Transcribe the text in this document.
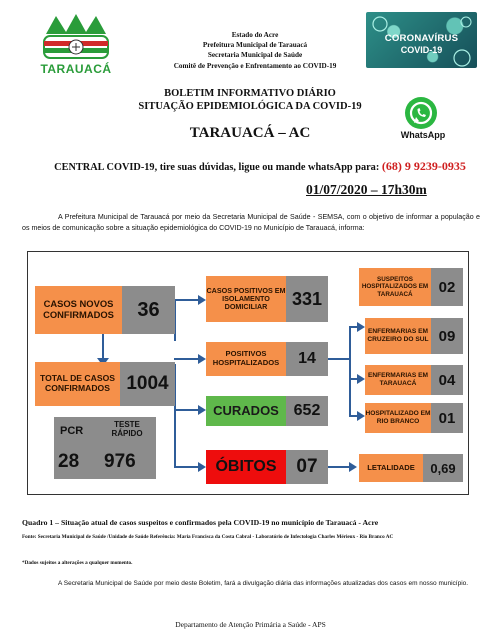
TARAUACÁ
Estado do Acre
Prefeitura Municipal de Tarauacá
Secretaria Municipal de Saúde
Comitê de Prevenção e Enfrentamento ao COVID-19
CORONAVÍRUS
COVID-19
BOLETIM INFORMATIVO DIÁRIO
SITUAÇÃO EPIDEMIOLÓGICA DA COVID-19
WhatsApp
TARAUACÁ – AC
CENTRAL COVID-19, tire suas dúvidas, ligue ou mande whatsApp para: (68) 9 9239-0935
01/07/2020 – 17h30m
A Prefeitura Municipal de Tarauacá por meio da Secretaria Municipal de Saúde - SEMSA, com o objetivo de informar a população e os meios de comunicação sobre a situação epidemiológica do COVID-19 no Município de Tarauacá, informa:
CASOS NOVOS CONFIRMADOS	36
TOTAL DE CASOS CONFIRMADOS 1004
PCR
TESTE RÁPIDO
28 976
CASOS POSITIVOS EM ISOLAMENTO DOMICILIAR	331
POSITIVOS HOSPITALIZADOS	14
CURADOS 652
ÓBITOS	07
SUSPEITOS HOSPITALIZADOS EM TARAUACÁ	02
ENFERMARIAS EM CRUZEIRO DO SUL 09
ENFERMARIAS EM TARAUACÁ	04
HOSPITALIZADO EM RIO BRANCO	01
LETALIDADE	0,69
Quadro 1 – Situação atual de casos suspeitos e confirmados pela COVID-19 no município de Tarauacá - Acre
Fonte: Secretaria Municipal de Saúde /Unidade de Saúde Referência: Maria Francisca da Costa Cabral - Laboratório de Infectologia Charles Mérieux - Rio Branco AC
*Dados sujeitos a alterações a qualquer momento.
A Secretaria Municipal de Saúde por meio deste Boletim, fará a divulgação diária das informações atualizadas dos casos em nosso município.
Departamento de Atenção Primária a Saúde - APS
